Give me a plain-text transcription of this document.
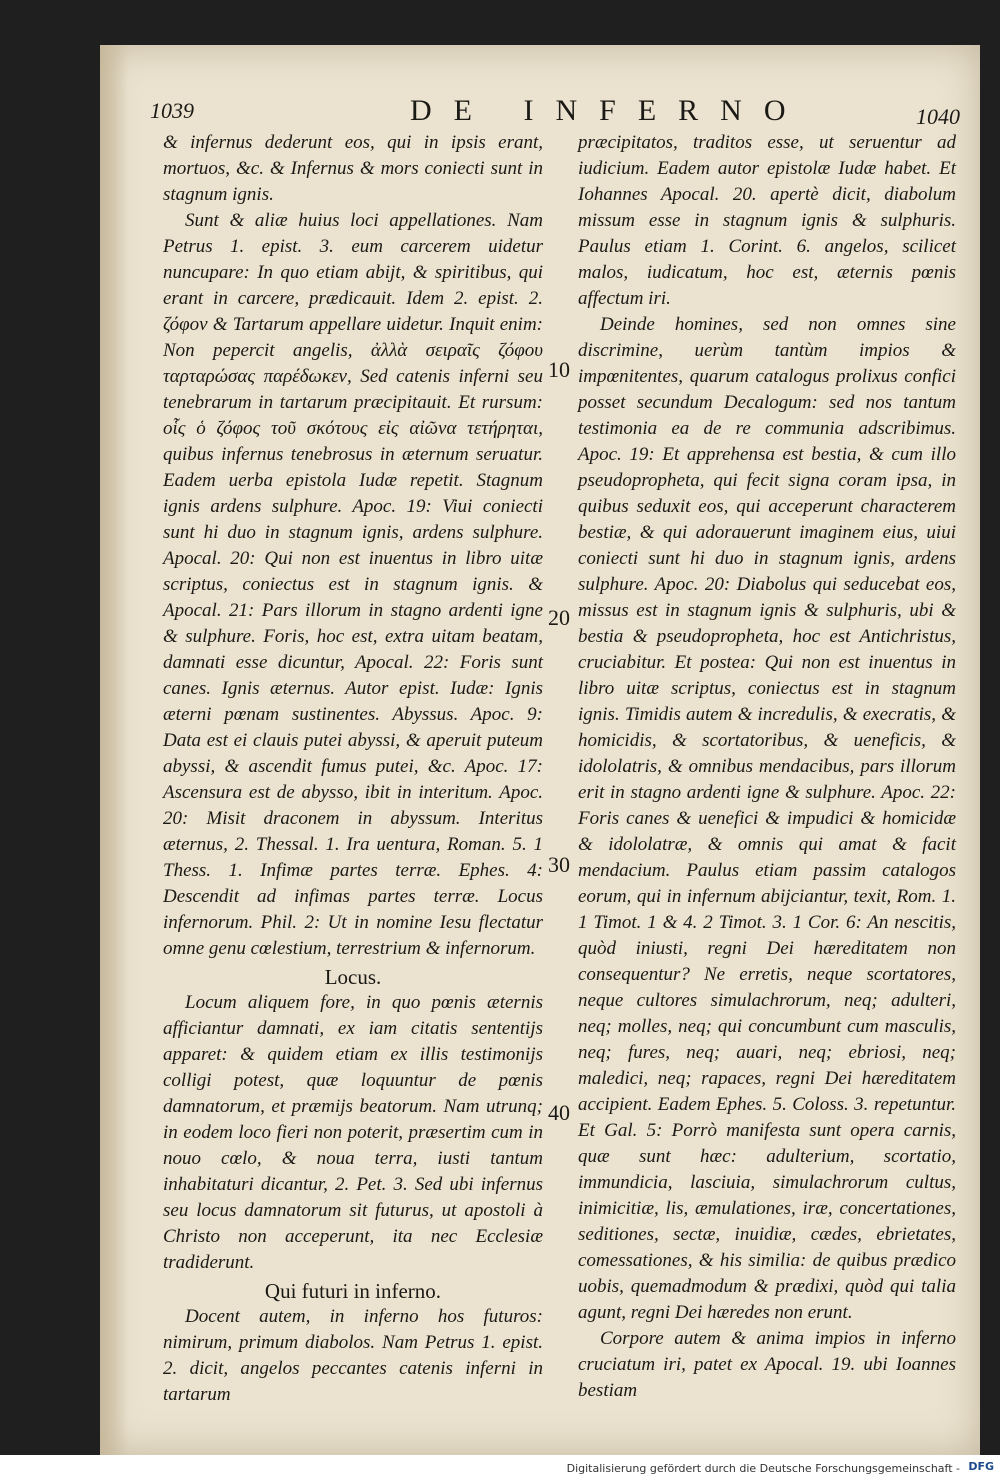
1039	DE INFERNO	1040

& infernus dederunt eos, qui in ipsis erant, mortuos, &c. & Infernus & mors coniecti sunt in stagnum ignis.

Sunt & aliæ huius loci appellationes. Nam Petrus 1. epist. 3. eum carcerem uidetur nuncupare: In quo etiam abijt, & spiritibus, qui erant in carcere, prædicauit. Idem 2. epist. 2. ζόφον & Tartarum appellare uidetur. Inquit enim: Non pepercit angelis, ἀλλὰ σειραῖς ζόφου ταρταρώσας παρέδωκεν, Sed catenis inferni seu tenebrarum in tartarum præcipitauit. Et rursum: οἷς ὁ ζόφος τοῦ σκότους εἰς αἰῶνα τετήρηται, quibus infernus tenebrosus in æternum seruatur. Eadem uerba epistola Iudæ repetit. Stagnum ignis ardens sulphure. Apoc. 19: Viui coniecti sunt hi duo in stagnum ignis, ardens sulphure. Apocal. 20: Qui non est inuentus in libro uitæ scriptus, coniectus est in stagnum ignis. & Apocal. 21: Pars illorum in stagno ardenti igne & sulphure. Foris, hoc est, extra uitam beatam, damnati esse dicuntur, Apocal. 22: Foris sunt canes. Ignis æternus. Autor epist. Iudæ: Ignis æterni pœnam sustinentes. Abyssus. Apoc. 9: Data est ei clauis putei abyssi, & aperuit puteum abyssi, & ascendit fumus putei, &c. Apoc. 17: Ascensura est de abysso, ibit in interitum. Apoc. 20: Misit draconem in abyssum. Interitus æternus, 2. Thessal. 1. Ira uentura, Roman. 5. 1 Thess. 1. Infimæ partes terræ. Ephes. 4: Descendit ad infimas partes terræ. Locus infernorum. Phil. 2: Ut in nomine Iesu flectatur omne genu cœlestium, terrestrium & infernorum.

Locus.

Locum aliquem fore, in quo pœnis æternis afficiantur damnati, ex iam citatis sententijs apparet: & quidem etiam ex illis testimonijs colligi potest, quæ loquuntur de pœnis damnatorum, et præmijs beatorum. Nam utrunq; in eodem loco fieri non poterit, præsertim cum in nouo cœlo, & noua terra, iusti tantum inhabitaturi dicantur, 2. Pet. 3. Sed ubi infernus seu locus damnatorum sit futurus, ut apostoli à Christo non acceperunt, ita nec Ecclesiæ tradiderunt.

Qui futuri in inferno.

Docent autem, in inferno hos futuros: nimirum, primum diabolos. Nam Petrus 1. epist. 2. dicit, angelos peccantes catenis inferni in tartarum

10
20
30
40

præcipitatos, traditos esse, ut seruentur ad iudicium. Eadem autor epistolæ Iudæ habet. Et Iohannes Apocal. 20. apertè dicit, diabolum missum esse in stagnum ignis & sulphuris. Paulus etiam 1. Corint. 6. angelos, scilicet malos, iudicatum, hoc est, æternis pœnis affectum iri.

Deinde homines, sed non omnes sine discrimine, uerùm tantùm impios & impœnitentes, quarum catalogus prolixus confici posset secundum Decalogum: sed nos tantum testimonia ea de re communia adscribimus. Apoc. 19: Et apprehensa est bestia, & cum illo pseudopropheta, qui fecit signa coram ipsa, in quibus seduxit eos, qui acceperunt characterem bestiæ, & qui adorauerunt imaginem eius, uiui coniecti sunt hi duo in stagnum ignis, ardens sulphure. Apoc. 20: Diabolus qui seducebat eos, missus est in stagnum ignis & sulphuris, ubi & bestia & pseudopropheta, hoc est Antichristus, cruciabitur. Et postea: Qui non est inuentus in libro uitæ scriptus, coniectus est in stagnum ignis. Timidis autem & incredulis, & execratis, & homicidis, & scortatoribus, & ueneficis, & idololatris, & omnibus mendacibus, pars illorum erit in stagno ardenti igne & sulphure. Apoc. 22: Foris canes & uenefici & impudici & homicidæ & idololatræ, & omnis qui amat & facit mendacium. Paulus etiam passim catalogos eorum, qui in infernum abijciantur, texit, Rom. 1. 1 Timot. 1 & 4. 2 Timot. 3. 1 Cor. 6: An nescitis, quòd iniusti, regni Dei hæreditatem non consequentur? Ne erretis, neque scortatores, neque cultores simulachrorum, neq; adulteri, neq; molles, neq; qui concumbunt cum masculis, neq; fures, neq; auari, neq; ebriosi, neq; maledici, neq; rapaces, regni Dei hæreditatem accipient. Eadem Ephes. 5. Coloss. 3. repetuntur. Et Gal. 5: Porrò manifesta sunt opera carnis, quæ sunt hæc: adulterium, scortatio, immundicia, lasciuia, simulachrorum cultus, inimicitiæ, lis, æmulationes, iræ, concertationes, seditiones, sectæ, inuidiæ, cædes, ebrietates, comessationes, & his similia: de quibus prædico uobis, quemadmodum & prædixi, quòd qui talia agunt, regni Dei hæredes non erunt.

Corpore autem & anima impios in inferno cruciatum iri, patet ex Apocal. 19. ubi Ioannes bestiam

Digitalisierung gefördert durch die Deutsche Forschungsgemeinschaft - DFG
